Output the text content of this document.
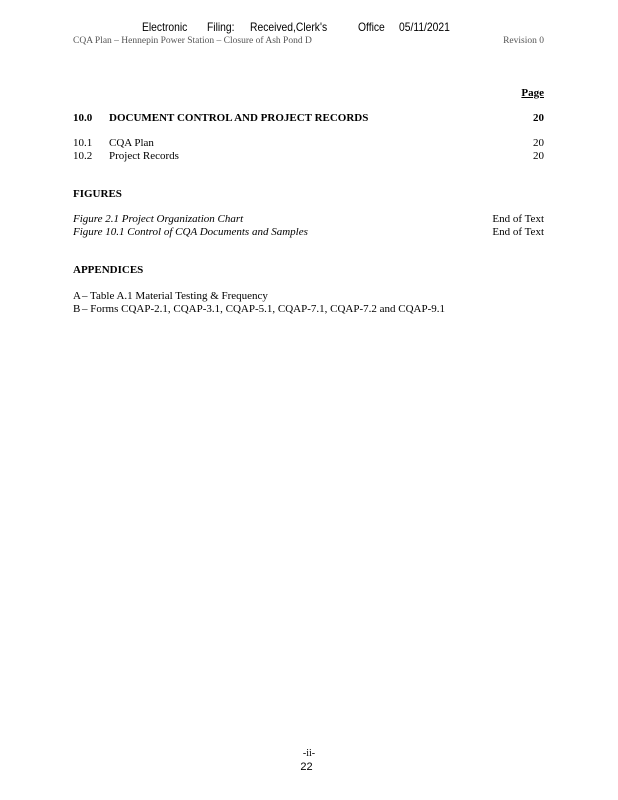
Electronic Filing: Received,Clerk's	Office 05/11/2021
CQA Plan – Hennepin Power Station – Closure of Ash Pond D	Revision 0
Page
10.0 DOCUMENT CONTROL AND PROJECT RECORDS	20
10.1 CQA Plan	20
10.2 Project Records	20
FIGURES
Figure 2.1 Project Organization Chart	End of Text
Figure 10.1 Control of CQA Documents and Samples	End of Text
APPENDICES
A – Table A.1 Material Testing & Frequency
B – Forms CQAP-2.1, CQAP-3.1, CQAP-5.1, CQAP-7.1, CQAP-7.2 and CQAP-9.1
-ii-
22
